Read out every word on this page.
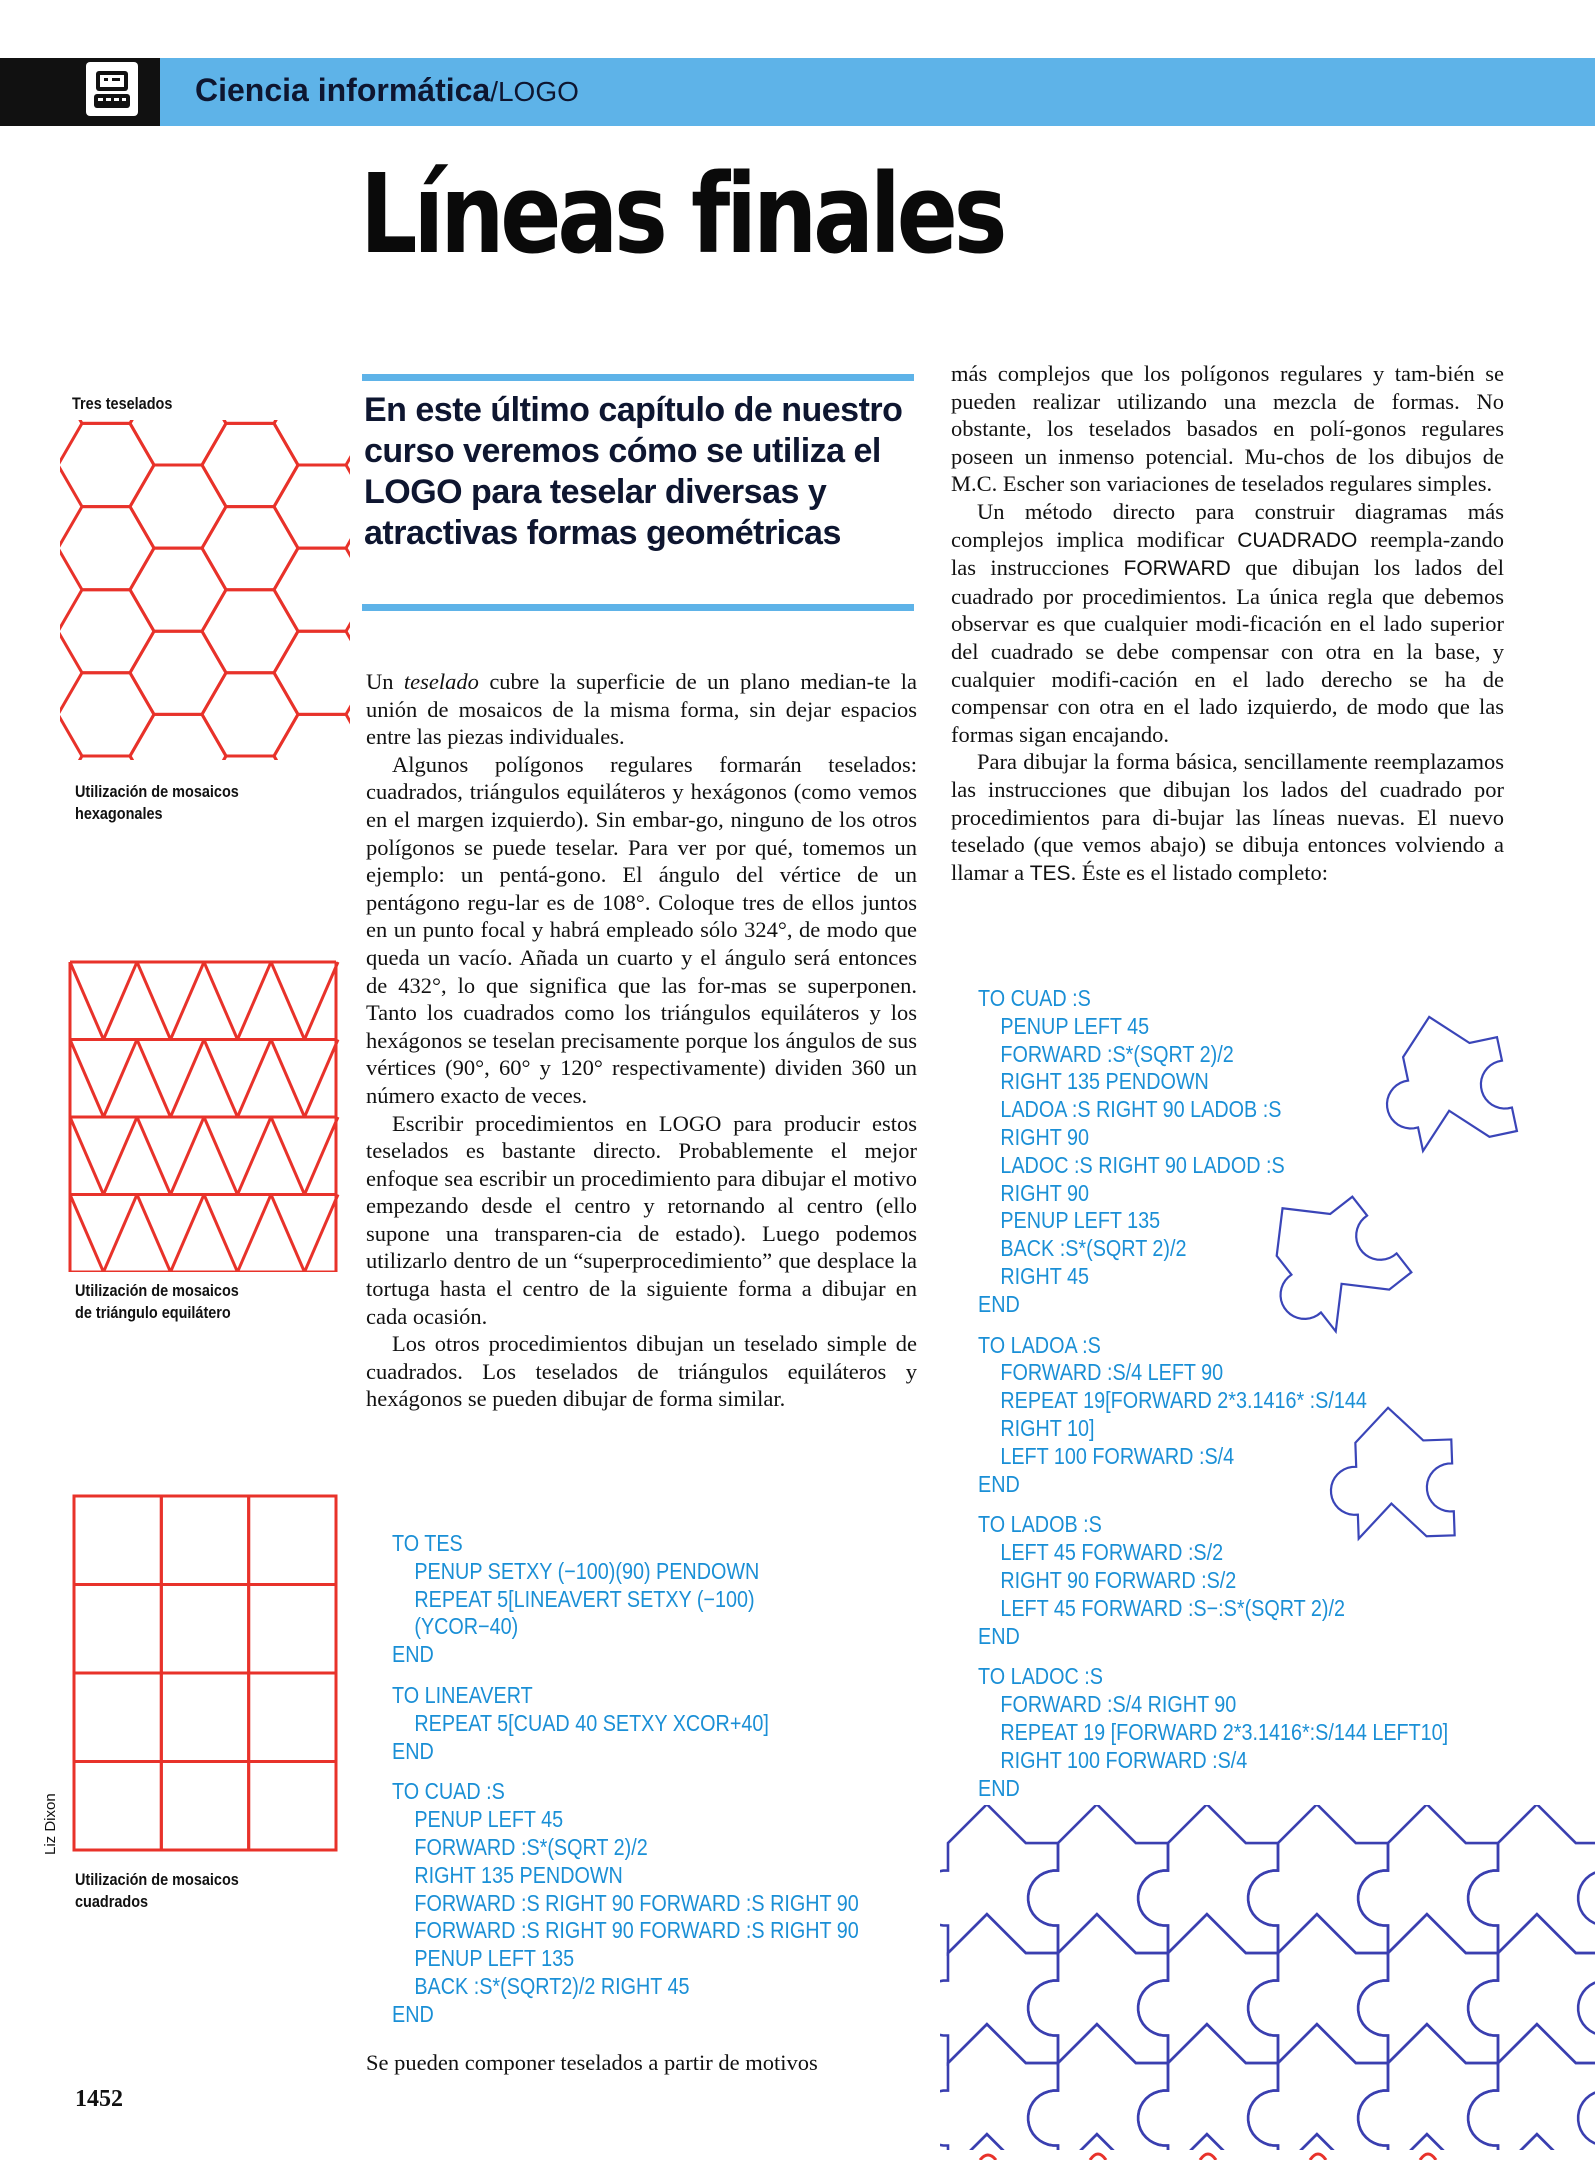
Ciencia informática/LOGO
Líneas finales
Tres teselados
Utilización de mosaicos
hexagonales
Utilización de mosaicos
de triángulo equilátero
Utilización de mosaicos
cuadrados
En este último capítulo de nuestro curso veremos cómo se utiliza el LOGO para teselar diversas y atractivas formas geométricas

Un teselado cubre la superficie de un plano median-te la unión de mosaicos de la misma forma, sin dejar espacios entre las piezas individuales.

Algunos polígonos regulares formarán teselados: cuadrados, triángulos equiláteros y hexágonos (como vemos en el margen izquierdo). Sin embar-go, ninguno de los otros polígonos se puede teselar. Para ver por qué, tomemos un ejemplo: un pentá-gono. El ángulo del vértice de un pentágono regu-lar es de 108°. Coloque tres de ellos juntos en un punto focal y habrá empleado sólo 324°, de modo que queda un vacío. Añada un cuarto y el ángulo será entonces de 432°, lo que significa que las for-mas se superponen. Tanto los cuadrados como los triángulos equiláteros y los hexágonos se teselan precisamente porque los ángulos de sus vértices (90°, 60° y 120° respectivamente) dividen 360 un número exacto de veces.

Escribir procedimientos en LOGO para producir estos teselados es bastante directo. Probablemente el mejor enfoque sea escribir un procedimiento para dibujar el motivo empezando desde el centro y retornando al centro (ello supone una transparen-cia de estado). Luego podemos utilizarlo dentro de un “superprocedimiento” que desplace la tortuga hasta el centro de la siguiente forma a dibujar en cada ocasión.

Los otros procedimientos dibujan un teselado simple de cuadrados. Los teselados de triángulos equiláteros y hexágonos se pueden dibujar de forma similar.

TO TES
PENUP SETXY (−100)(90) PENDOWN
REPEAT 5[LINEAVERT SETXY (−100)
(YCOR−40)
END
TO LINEAVERT
REPEAT 5[CUAD 40 SETXY XCOR+40]
END
TO CUAD :S
PENUP LEFT 45
FORWARD :S*(SQRT 2)/2
RIGHT 135 PENDOWN
FORWARD :S RIGHT 90 FORWARD :S RIGHT 90
FORWARD :S RIGHT 90 FORWARD :S RIGHT 90
PENUP LEFT 135
BACK :S*(SQRT2)/2 RIGHT 45
END

Se pueden componer teselados a partir de motivos

más complejos que los polígonos regulares y tam-bién se pueden realizar utilizando una mezcla de formas. No obstante, los teselados basados en polí-gonos regulares poseen un inmenso potencial. Mu-chos de los dibujos de M.C. Escher son variaciones de teselados regulares simples.

Un método directo para construir diagramas más complejos implica modificar CUADRADO reempla-zando las instrucciones FORWARD que dibujan los lados del cuadrado por procedimientos. La única regla que debemos observar es que cualquier modi-ficación en el lado superior del cuadrado se debe compensar con otra en la base, y cualquier modifi-cación en el lado derecho se ha de compensar con otra en el lado izquierdo, de modo que las formas sigan encajando.

Para dibujar la forma básica, sencillamente reemplazamos las instrucciones que dibujan los lados del cuadrado por procedimientos para di-bujar las líneas nuevas. El nuevo teselado (que vemos abajo) se dibuja entonces volviendo a llamar a TES. Éste es el listado completo:

TO CUAD :S
PENUP LEFT 45
FORWARD :S*(SQRT 2)/2
RIGHT 135 PENDOWN
LADOA :S RIGHT 90 LADOB :S
RIGHT 90
LADOC :S RIGHT 90 LADOD :S
RIGHT 90
PENUP LEFT 135
BACK :S*(SQRT 2)/2
RIGHT 45
END
TO LADOA :S
FORWARD :S/4 LEFT 90
REPEAT 19[FORWARD 2*3.1416* :S/144
RIGHT 10]
LEFT 100 FORWARD :S/4
END
TO LADOB :S
LEFT 45 FORWARD :S/2
RIGHT 90 FORWARD :S/2
LEFT 45 FORWARD :S−:S*(SQRT 2)/2
END
TO LADOC :S
FORWARD :S/4 RIGHT 90
REPEAT 19 [FORWARD 2*3.1416*:S/144 LEFT10]
RIGHT 100 FORWARD :S/4
END
1452
Liz Dixon
